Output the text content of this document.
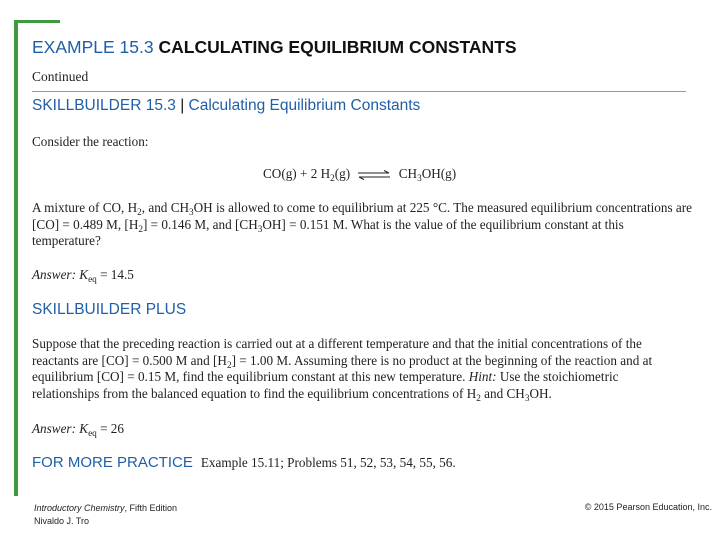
EXAMPLE 15.3 CALCULATING EQUILIBRIUM CONSTANTS
Continued
SKILLBUILDER 15.3 | Calculating Equilibrium Constants
Consider the reaction:
CO(g) + 2 $H_2(g)$ ⇌ $CH_3OH(g)$
A mixture of CO, $H_2$, and $CH_3OH$ is allowed to come to equilibrium at 225 °C. The measured equilibrium concentrations are [CO] = 0.489 M, $[H_2] = 0.146$ M, and $[CH_3OH] = 0.151$ M. What is the value of the equilibrium constant at this temperature?
Answer: $K_{eq} = 14.5$
SKILLBUILDER PLUS
Suppose that the preceding reaction is carried out at a different temperature and that the initial concentrations of the reactants are [CO] = 0.500 M and $[H_2] = 1.00$ M. Assuming there is no product at the beginning of the reaction and at equilibrium [CO] = 0.15 M, find the equilibrium constant at this new temperature. Hint: Use the stoichiometric relationships from the balanced equation to find the equilibrium concentrations of $H_2$ and $CH_3OH$.
Answer: $K_{eq} = 26$
FOR MORE PRACTICE Example 15.11; Problems 51, 52, 53, 54, 55, 56.
Introductory Chemistry, Fifth Edition
Nivaldo J. Tro
© 2015 Pearson Education, Inc.
